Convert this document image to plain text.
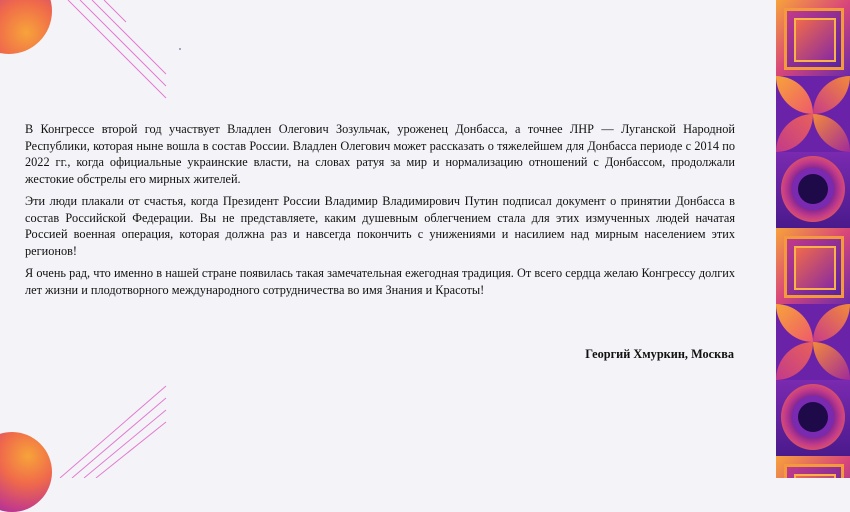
В Конгрессе второй год участвует Владлен Олегович Зозульчак, уроженец Донбасса, а точнее ЛНР — Луганской Народной Республики, которая ныне вошла в состав России. Владлен Олегович может рассказать о тяжелейшем для Донбасса периоде с 2014 по 2022 гг., когда официальные украинские власти, на словах ратуя за мир и нормализацию отношений с Донбассом, продолжали жестокие обстрелы его мирных жителей.

Эти люди плакали от счастья, когда Президент России Владимир Владимирович Путин подписал документ о принятии Донбасса в состав Российской Федерации. Вы не представляете, каким душевным облегчением стала для этих измученных людей начатая Россией военная операция, которая должна раз и навсегда покончить с унижениями и насилием над мирным населением этих регионов!

Я очень рад, что именно в нашей стране появилась такая замечательная ежегодная традиция. От всего сердца желаю Конгрессу долгих лет жизни и плодотворного международного сотрудничества во имя Знания и Красоты!

Георгий Хмуркин, Москва
